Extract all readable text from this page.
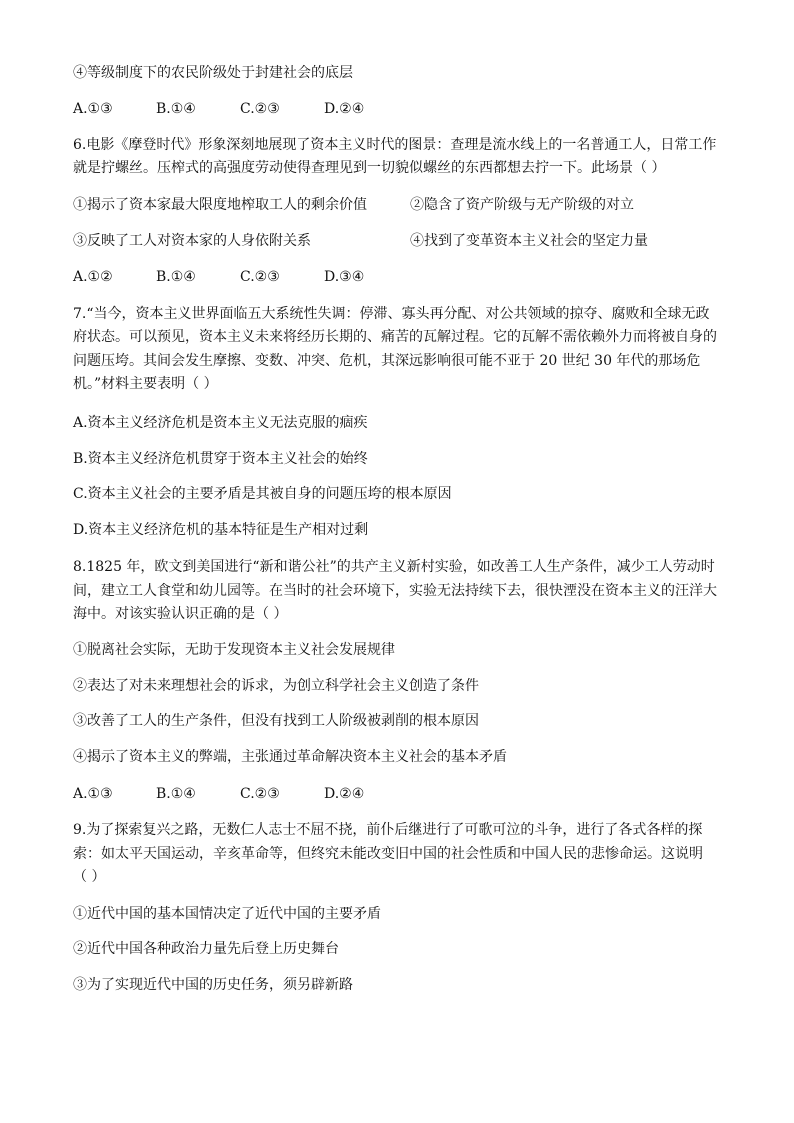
④等级制度下的农民阶级处于封建社会的底层
A.①③	B.①④	C.②③	D.②④
6.电影《摩登时代》形象深刻地展现了资本主义时代的图景：查理是流水线上的一名普通工人，日常工作
就是拧螺丝。压榨式的高强度劳动使得查理见到一切貌似螺丝的东西都想去拧一下。此场景（ ）
①揭示了资本家最大限度地榨取工人的剩余价值	②隐含了资产阶级与无产阶级的对立
③反映了工人对资本家的人身依附关系	④找到了变革资本主义社会的坚定力量
A.①②	B.①④	C.②③	D.③④
7.“当今，资本主义世界面临五大系统性失调：停滞、寡头再分配、对公共领域的掠夺、腐败和全球无政
府状态。可以预见，资本主义未来将经历长期的、痛苦的瓦解过程。它的瓦解不需依赖外力而将被自身的
问题压垮。其间会发生摩擦、变数、冲突、危机，其深远影响很可能不亚于 20 世纪 30 年代的那场危
机。”材料主要表明（ ）
A.资本主义经济危机是资本主义无法克服的痼疾
B.资本主义经济危机贯穿于资本主义社会的始终
C.资本主义社会的主要矛盾是其被自身的问题压垮的根本原因
D.资本主义经济危机的基本特征是生产相对过剩
8.1825 年，欧文到美国进行“新和谐公社”的共产主义新村实验，如改善工人生产条件，减少工人劳动时
间，建立工人食堂和幼儿园等。在当时的社会环境下，实验无法持续下去，很快湮没在资本主义的汪洋大
海中。对该实验认识正确的是（ ）
①脱离社会实际，无助于发现资本主义社会发展规律
②表达了对未来理想社会的诉求，为创立科学社会主义创造了条件
③改善了工人的生产条件，但没有找到工人阶级被剥削的根本原因
④揭示了资本主义的弊端，主张通过革命解决资本主义社会的基本矛盾
A.①③	B.①④	C.②③	D.②④
9.为了探索复兴之路，无数仁人志士不屈不挠，前仆后继进行了可歌可泣的斗争，进行了各式各样的探
索：如太平天国运动，辛亥革命等，但终究未能改变旧中国的社会性质和中国人民的悲惨命运。这说明
（ ）
①近代中国的基本国情决定了近代中国的主要矛盾
②近代中国各种政治力量先后登上历史舞台
③为了实现近代中国的历史任务，须另辟新路
